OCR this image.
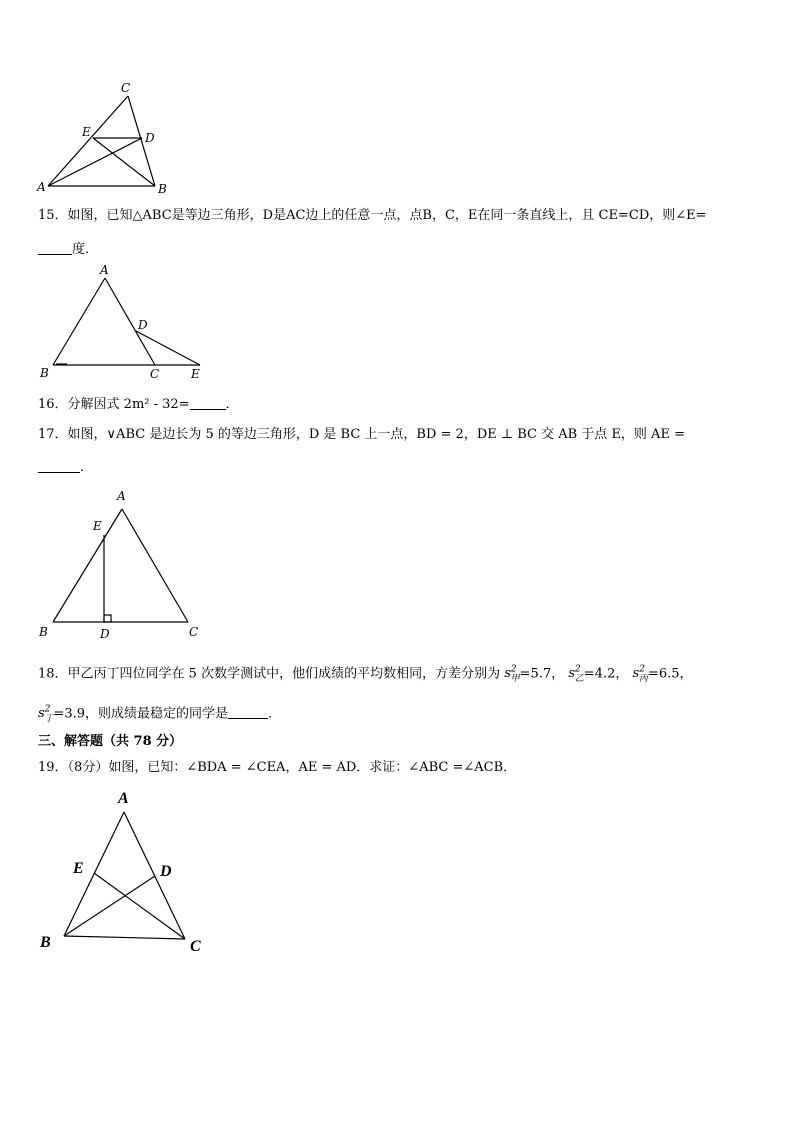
C
E	D
A	B
A
B	C
D
E
A
E
B	D	C
A
E	D
B	C
15．如图，已知△ABC是等边三角形，D是AC边上的任意一点，点B，C，E在同一条直线上，且 CE=CD，则∠E=
度．
16．分解因式 2m² - 32=	．
17．如图，∨ABC 是边长为 5 的等边三角形，D 是 BC 上一点，BD = 2，DE ⊥ BC 交 AB 于点 E，则 AE =
．
18．甲乙丙丁四位同学在 5 次数学测试中，他们成绩的平均数相同，方差分别为 $s^2_甲=5.7$， $s^2_乙=4.2$， $s^2_丙=6.5$，
$s^2_丁=3.9$，则成绩最稳定的同学是	．
三、解答题（共 78 分）
19．（8分）如图，已知：∠BDA = ∠CEA，AE = AD．求证：∠ABC =∠ACB．
